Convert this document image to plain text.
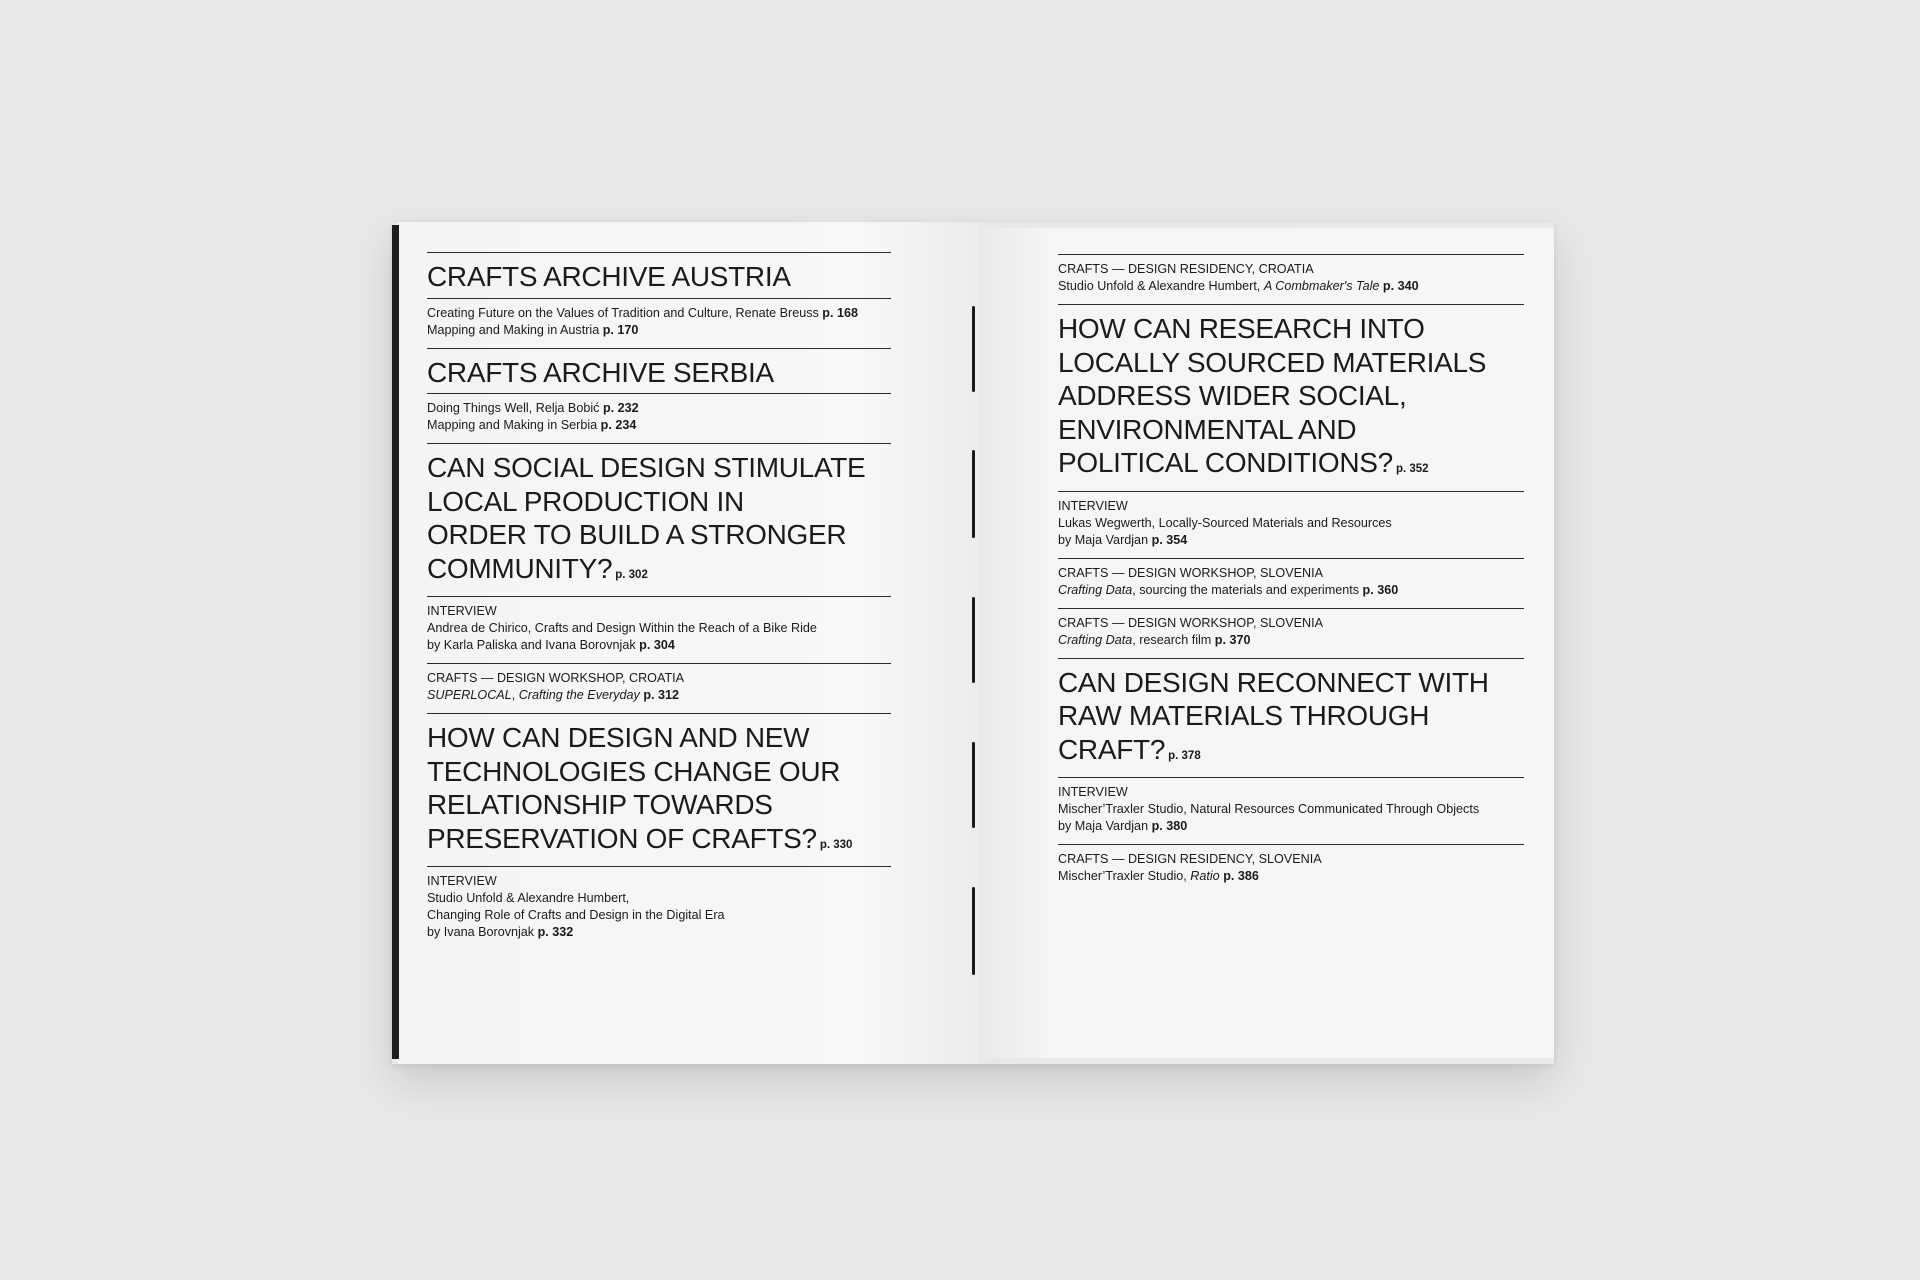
CRAFTS ARCHIVE AUSTRIA
Creating Future on the Values of Tradition and Culture, Renate Breuss p. 168
Mapping and Making in Austria p. 170
CRAFTS ARCHIVE SERBIA
Doing Things Well, Relja Bobić p. 232
Mapping and Making in Serbia p. 234
CAN SOCIAL DESIGN STIMULATE
LOCAL PRODUCTION IN
ORDER TO BUILD A STRONGER
COMMUNITY? p. 302
INTERVIEW
Andrea de Chirico, Crafts and Design Within the Reach of a Bike Ride
by Karla Paliska and Ivana Borovnjak p. 304
CRAFTS — DESIGN WORKSHOP, CROATIA
SUPERLOCAL, Crafting the Everyday p. 312
HOW CAN DESIGN AND NEW
TECHNOLOGIES CHANGE OUR
RELATIONSHIP TOWARDS
PRESERVATION OF CRAFTS? p. 330
INTERVIEW
Studio Unfold & Alexandre Humbert,
Changing Role of Crafts and Design in the Digital Era
by Ivana Borovnjak p. 332
CRAFTS — DESIGN RESIDENCY, CROATIA
Studio Unfold & Alexandre Humbert, A Combmaker's Tale p. 340
HOW CAN RESEARCH INTO
LOCALLY SOURCED MATERIALS
ADDRESS WIDER SOCIAL,
ENVIRONMENTAL AND
POLITICAL CONDITIONS? p. 352
INTERVIEW
Lukas Wegwerth, Locally-Sourced Materials and Resources
by Maja Vardjan p. 354
CRAFTS — DESIGN WORKSHOP, SLOVENIA
Crafting Data, sourcing the materials and experiments p. 360
CRAFTS — DESIGN WORKSHOP, SLOVENIA
Crafting Data, research film p. 370
CAN DESIGN RECONNECT WITH
RAW MATERIALS THROUGH
CRAFT? p. 378
INTERVIEW
Mischer’Traxler Studio, Natural Resources Communicated Through Objects
by Maja Vardjan p. 380
CRAFTS — DESIGN RESIDENCY, SLOVENIA
Mischer’Traxler Studio, Ratio p. 386
